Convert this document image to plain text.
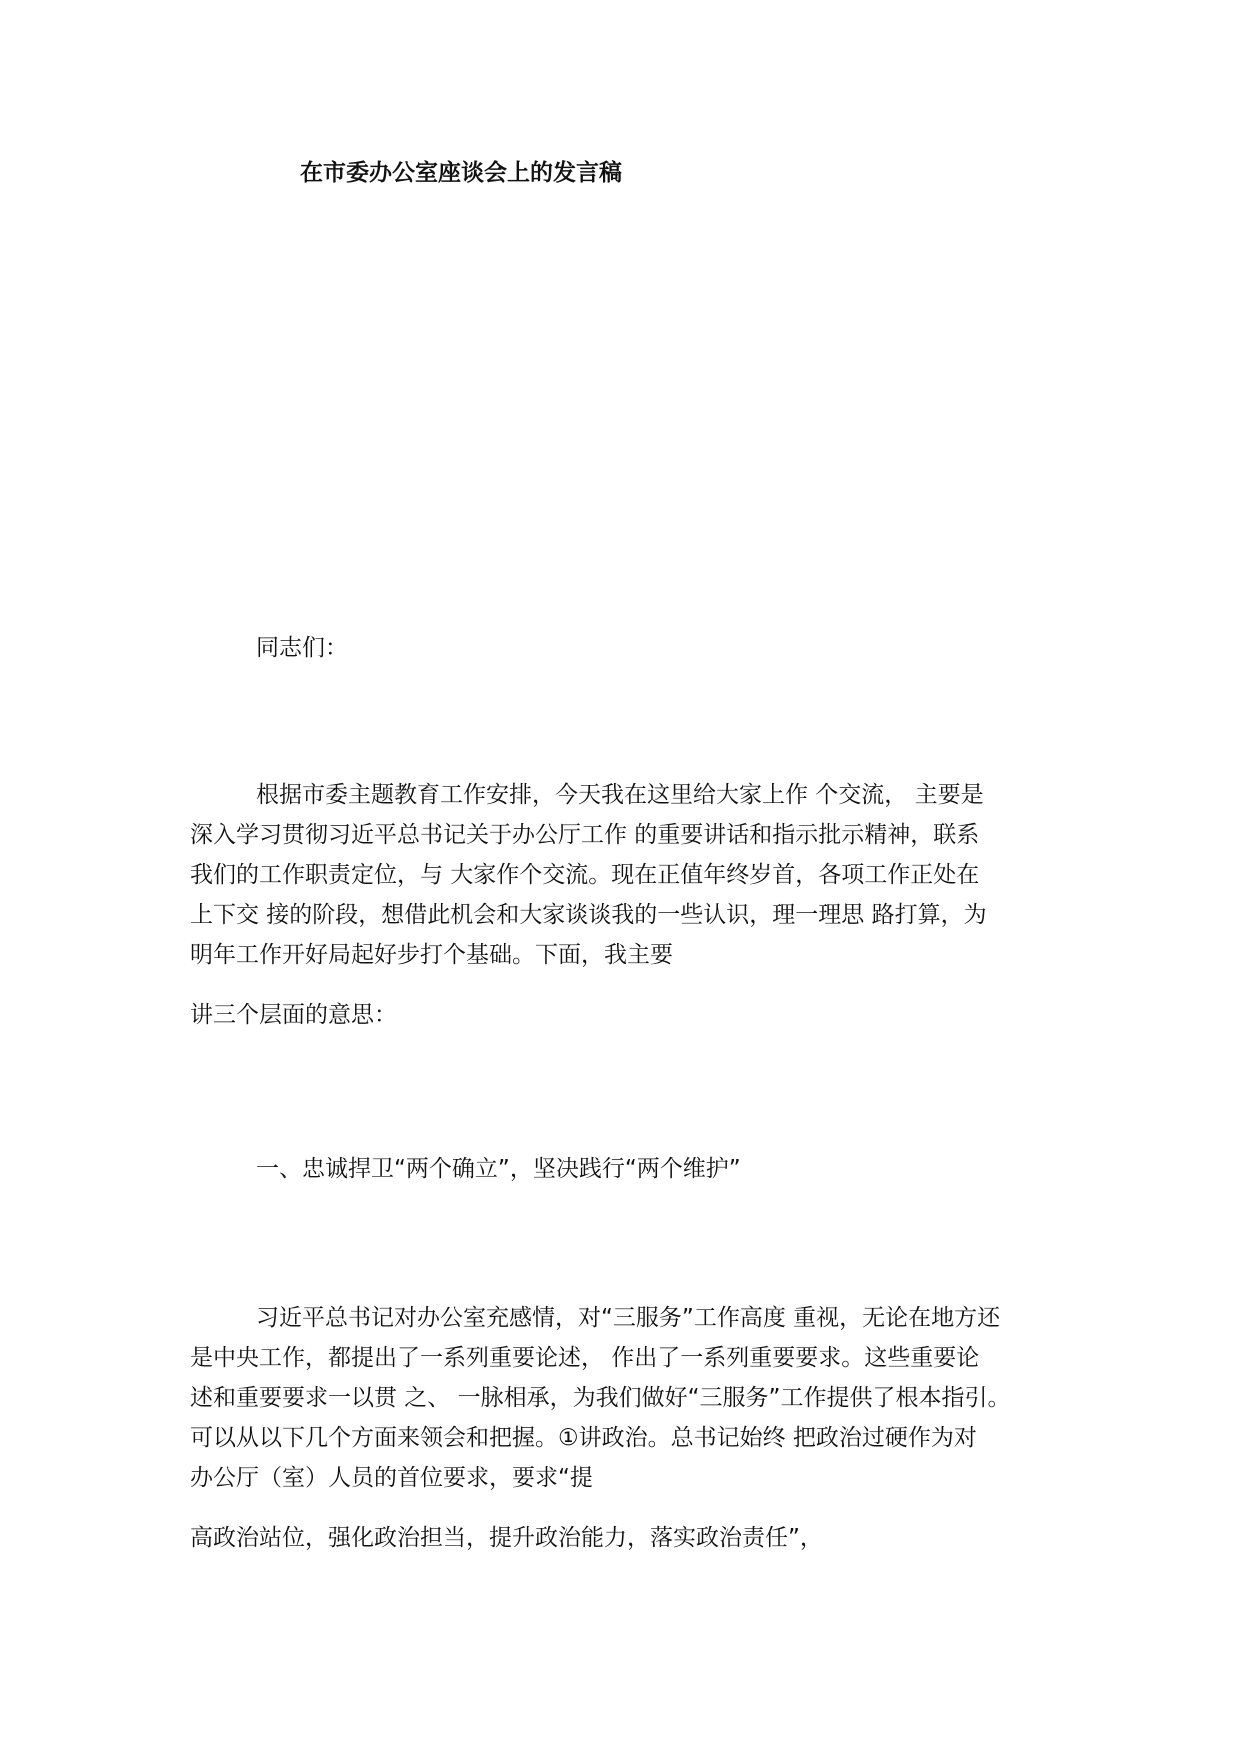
在市委办公室座谈会上的发言稿
同志们：
根据市委主题教育工作安排，今天我在这里给大家上作 个交流， 主要是
深入学习贯彻习近平总书记关于办公厅工作 的重要讲话和指示批示精神，联系
我们的工作职责定位，与 大家作个交流。现在正值年终岁首，各项工作正处在
上下交 接的阶段，想借此机会和大家谈谈我的一些认识，理一理思 路打算，为
明年工作开好局起好步打个基础。下面，我主要
讲三个层面的意思：
一、忠诚捍卫“两个确立”，坚决践行“两个维护”
习近平总书记对办公室充感情，对“三服务”工作高度 重视，无论在地方还
是中央工作，都提出了一系列重要论述， 作出了一系列重要要求。这些重要论
述和重要要求一以贯 之、 一脉相承，为我们做好“三服务”工作提供了根本指引。
可以从以下几个方面来领会和把握。①讲政治。总书记始终 把政治过硬作为对
办公厅（室）人员的首位要求，要求“提
高政治站位，强化政治担当，提升政治能力，落实政治责任”，
